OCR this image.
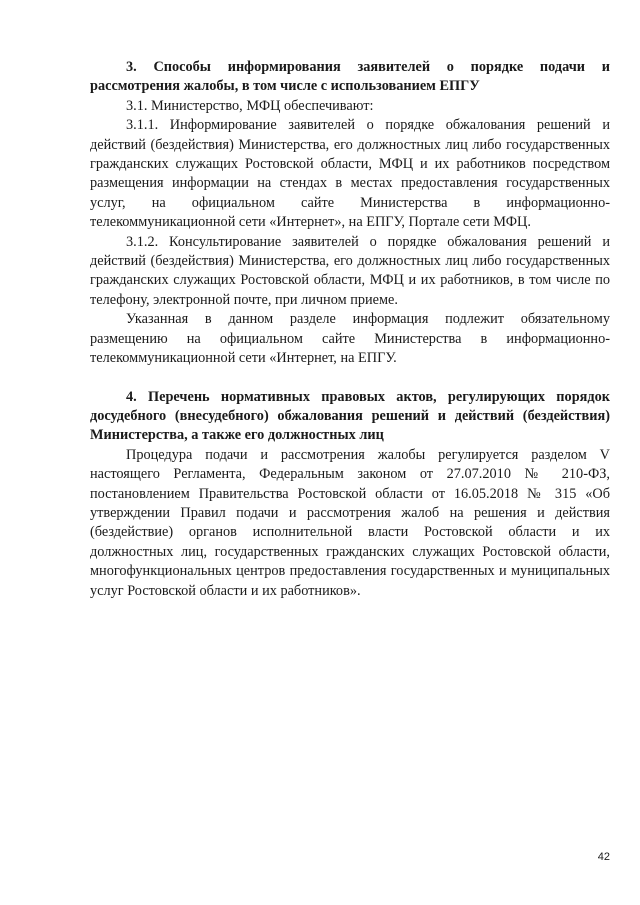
3. Способы информирования заявителей о порядке подачи и рассмотрения жалобы, в том числе с использованием ЕПГУ

3.1. Министерство, МФЦ обеспечивают:

3.1.1. Информирование заявителей о порядке обжалования решений и действий (бездействия) Министерства, его должностных лиц либо государственных гражданских служащих Ростовской области, МФЦ и их работников посредством размещения информации на стендах в местах предоставления государственных услуг, на официальном сайте Министерства в информационно-телекоммуникационной сети «Интернет», на ЕПГУ, Портале сети МФЦ.

3.1.2. Консультирование заявителей о порядке обжалования решений и действий (бездействия) Министерства, его должностных лиц либо государственных гражданских служащих Ростовской области, МФЦ и их работников, в том числе по телефону, электронной почте, при личном приеме.

Указанная в данном разделе информация подлежит обязательному размещению на официальном сайте Министерства в информационно-телекоммуникационной сети «Интернет, на ЕПГУ.

4. Перечень нормативных правовых актов, регулирующих порядок досудебного (внесудебного) обжалования решений и действий (бездействия) Министерства, а также его должностных лиц

Процедура подачи и рассмотрения жалобы регулируется разделом V настоящего Регламента, Федеральным законом от 27.07.2010 № 210-ФЗ, постановлением Правительства Ростовской области от 16.05.2018 № 315 «Об утверждении Правил подачи и рассмотрения жалоб на решения и действия (бездействие) органов исполнительной власти Ростовской области и их должностных лиц, государственных гражданских служащих Ростовской области, многофункциональных центров предоставления государственных и муниципальных услуг Ростовской области и их работников».

42
